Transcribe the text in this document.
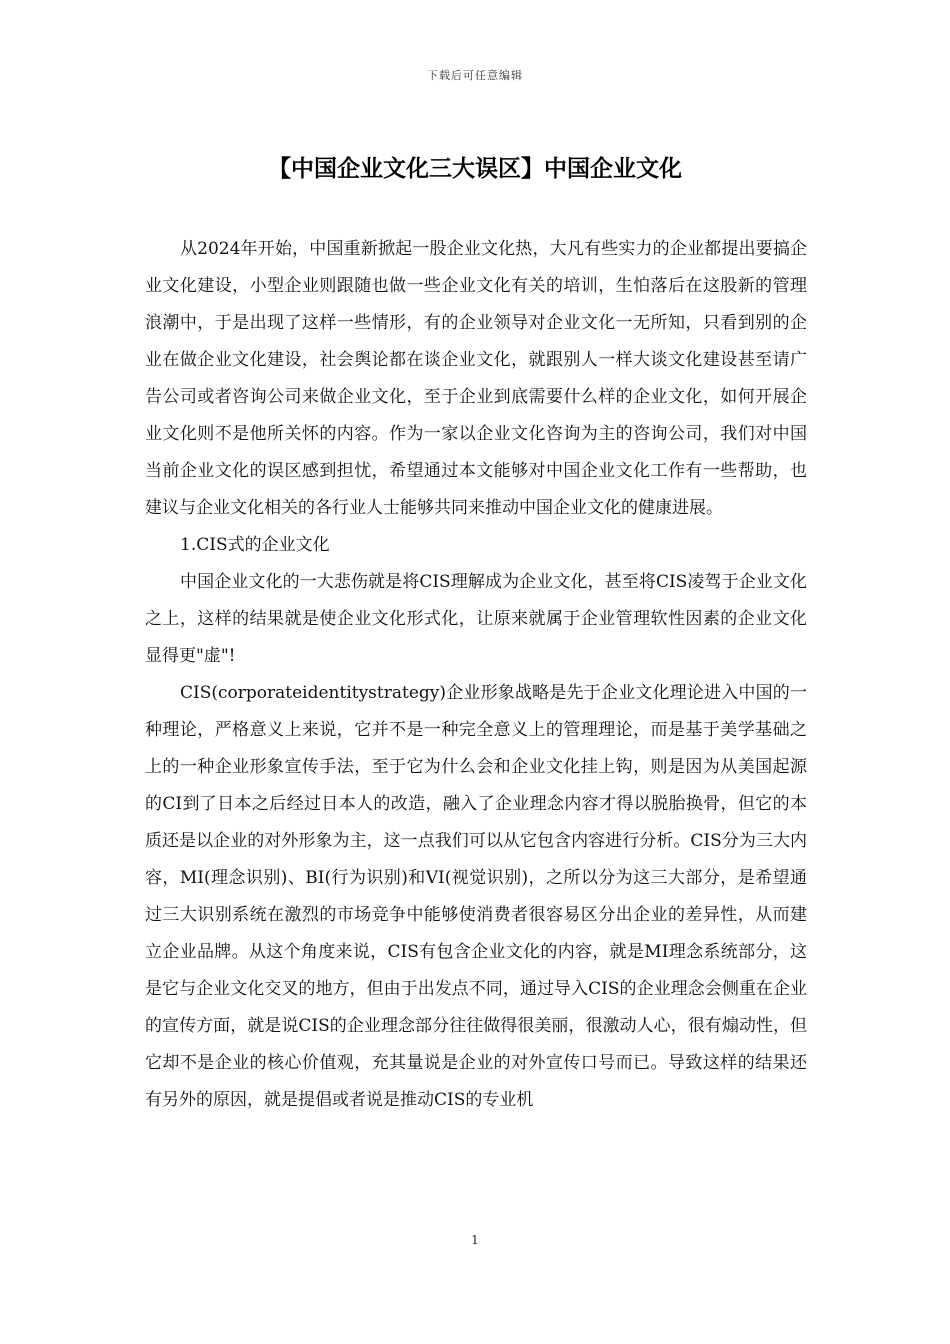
下载后可任意编辑
【中国企业文化三大误区】中国企业文化

从2024年开始，中国重新掀起一股企业文化热，大凡有些实力的企业都提出要搞企业文化建设，小型企业则跟随也做一些企业文化有关的培训，生怕落后在这股新的管理浪潮中，于是出现了这样一些情形，有的企业领导对企业文化一无所知，只看到别的企业在做企业文化建设，社会舆论都在谈企业文化，就跟别人一样大谈文化建设甚至请广告公司或者咨询公司来做企业文化，至于企业到底需要什么样的企业文化，如何开展企业文化则不是他所关怀的内容。作为一家以企业文化咨询为主的咨询公司，我们对中国当前企业文化的误区感到担忧，希望通过本文能够对中国企业文化工作有一些帮助，也建议与企业文化相关的各行业人士能够共同来推动中国企业文化的健康进展。

1.CIS式的企业文化

中国企业文化的一大悲伤就是将CIS理解成为企业文化，甚至将CIS凌驾于企业文化之上，这样的结果就是使企业文化形式化，让原来就属于企业管理软性因素的企业文化显得更"虚"!

CIS(corporateidentitystrategy)企业形象战略是先于企业文化理论进入中国的一种理论，严格意义上来说，它并不是一种完全意义上的管理理论，而是基于美学基础之上的一种企业形象宣传手法，至于它为什么会和企业文化挂上钩，则是因为从美国起源的CI到了日本之后经过日本人的改造，融入了企业理念内容才得以脱胎换骨，但它的本质还是以企业的对外形象为主，这一点我们可以从它包含内容进行分析。CIS分为三大内容，MI(理念识别)、BI(行为识别)和VI(视觉识别)，之所以分为这三大部分，是希望通过三大识别系统在激烈的市场竞争中能够使消费者很容易区分出企业的差异性，从而建立企业品牌。从这个角度来说，CIS有包含企业文化的内容，就是MI理念系统部分，这是它与企业文化交叉的地方，但由于出发点不同，通过导入CIS的企业理念会侧重在企业的宣传方面，就是说CIS的企业理念部分往往做得很美丽，很激动人心，很有煽动性，但它却不是企业的核心价值观，充其量说是企业的对外宣传口号而已。导致这样的结果还有另外的原因，就是提倡或者说是推动CIS的专业机

1
